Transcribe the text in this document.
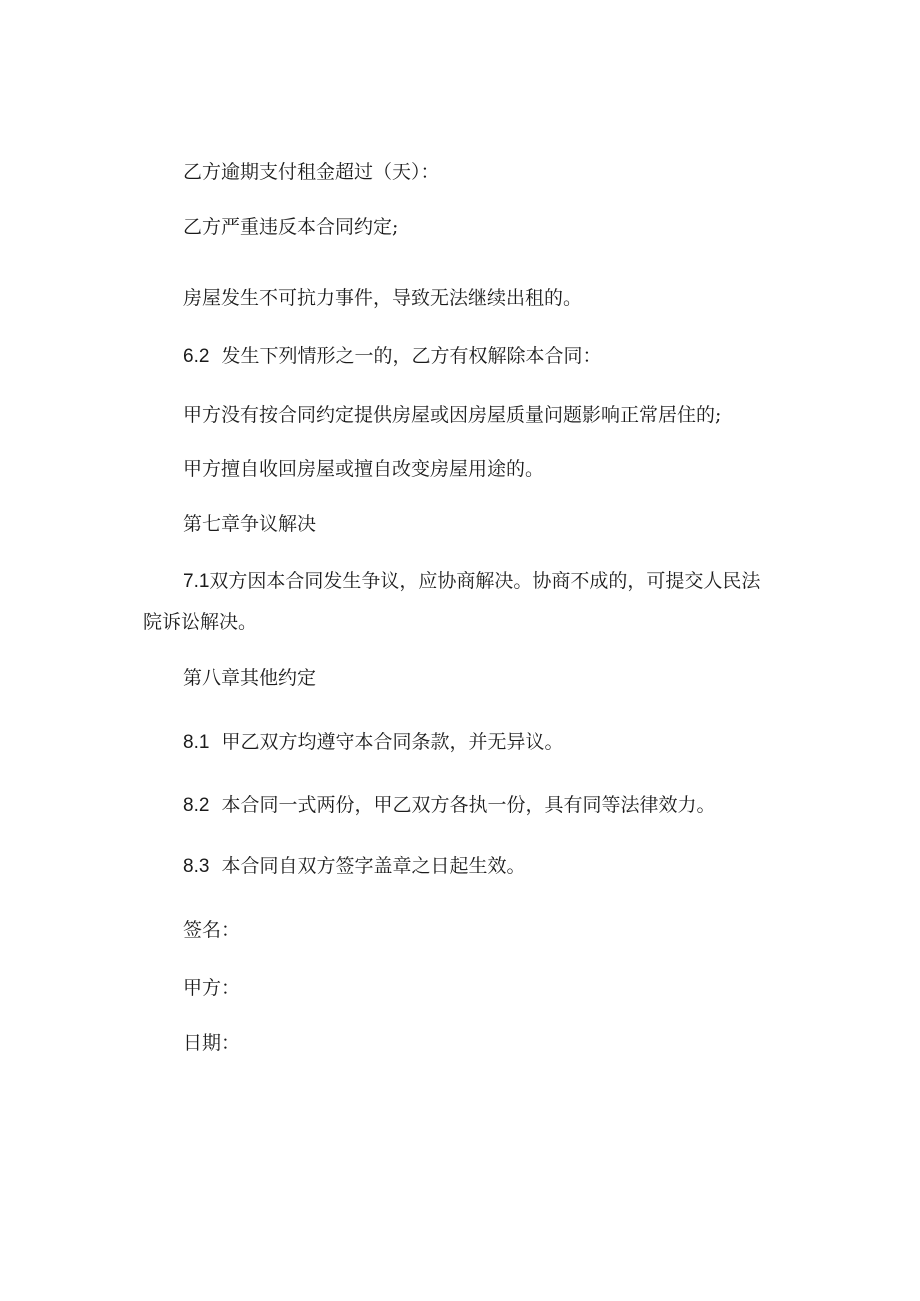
乙方逾期支付租金超过（天）：
乙方严重违反本合同约定;
房屋发生不可抗力事件，导致无法继续出租的。
6.2 发生下列情形之一的，乙方有权解除本合同：
甲方没有按合同约定提供房屋或因房屋质量问题影响正常居住的;
甲方擅自收回房屋或擅自改变房屋用途的。
第七章争议解决
7.1双方因本合同发生争议，应协商解决。协商不成的，可提交人民法
院诉讼解决。
第八章其他约定
8.1 甲乙双方均遵守本合同条款，并无异议。
8.2 本合同一式两份，甲乙双方各执一份，具有同等法律效力。
8.3 本合同自双方签字盖章之日起生效。
签名：
甲方：
日期：
